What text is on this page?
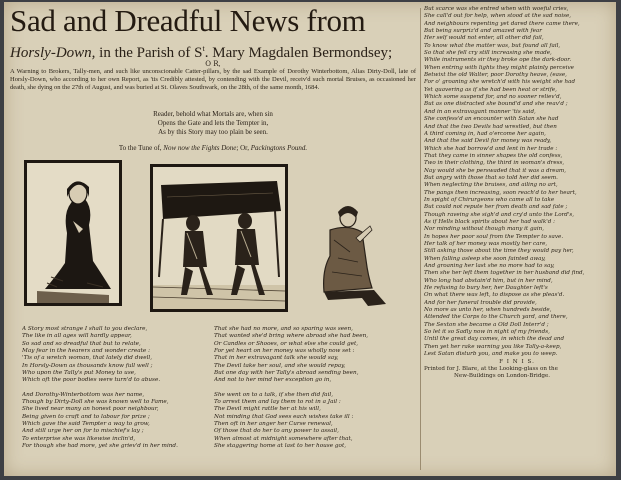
Sad and Dreadful News from
Horsly-Down, in the Parish of $S^t$. Mary Magdalen Bermondsey;
O R,
A Warning to Brokers, Tally-men, and such like unconscionable Catter-pillars, by the sad Example of Dorothy Winterbottom, Alias Dirty-Doll, late of Horsly-Down, who according to her own Report, as 'tis Credibly attested, by contending with the Devil, receiv'd such mortal Bruises, as occasioned her death, she dying on the 27th of August, and was buried at St. Olaves Southwark, on the 28th, of the same month, 1684.
Reader, behold what Mortals are, when sin
Opens the Gate and lets the Tempter in,
As by this Story may too plain be seen.
To the Tune of, Now now the Fights Done; Or, Packingtons Pound.
A Story most strange I shall to you declare,
The like in all ages will hardly appear,
So sad and so dreadful that but to relate,
May fear in the hearers and wonder create :
'Tis of a wretch woman, that lately did dwell,
In Horsly-Down as thousands know full well ;
Who upon the Tally's put Money to use,
Which oft the poor bodies were turn'd to abuse.
And Dorothy-Winterbottom was her name,
Though by Dirty-Doll she was known well to Fame,
She lived near many an honest poor neighbour,
Being given to craft and to labour for prize ;
Which gave the said Tempter a way to grow,
And still urge her on for to mischief's lay ;
To enterprise she was likewise inclin'd,
For though she had more, yet she griev'd in her mind.
That she had no more, and so sparing was seen,
That wanted she'd bring where abroad she had been,
Or Candles or Shooes, or what else she could get,
For yet heart on her money was wholly now set :
That in her extravagant talk she would say,
The Devil take her soul, and she would repay,
But one day with her Tally's abroad sending been,
And not to her mind her exception go in,
She went on to a talk, if she then did fail,
To arrest them and lay them to rot in a Jail :
The Devil might rattle her at his will,
Not minding that God sees each wishes take ill :
Then oft in her anger her Curse renewal,
Of those that do her to any power to assail,
When almost at midnight somewhere after that,
She staggering home at last to her house got,
But scarce was she entred when with woeful cries,
She call'd out for help, when stood at the sad noise,
And neighbours repenting yet dared there came there,
But being surpriz'd and amazed with fear
Her self would not enter, all other did fail,
To know what the matter was, but found all fail,
So that she fell cry still increasing she made,
While instruments sir they broke ope the dark-door.
When entring with lights they might plainly perceive
Betwixt the old Walter, poor Dorothy heave, (ease,
For o' groaning she wretch'd with his weight she had
Yet quavering as if she had been heat or strife,
Which some suspend for, and no sooner reliev'd,
But as one distracted she bound'd and she reav'd ;
And in an extravagant manner 'tis said,
She confess'd an encounter with Satan she had
And that the two Devils had wrestled, but then
A third coming in, had o'ercome her again,
And that the said Devil for money was ready,
Which she had borrow'd and lent in her trade :
That they came in sinner shapes the old confess,
Two in their clothing, the third in woman's dress,
Nay would she be perswaded that it was a dream,
But angry with those that so told her did seem.
When neglecting the bruises, and ailing no art,
The pangs then increasing, soon reach'd to her heart,
In spight of Chirurgeons who came all to take
But could not repute her from death and sad fate ;
Though raveing she sigh'd and cry'd unto the Lord's,
As if Hells black spirits about her had walk'd :
Nor minding without though many it gain,
In hopes her poor soul from the Tempter to save.
Her talk of her money was mostly her care,
Still asking those about the time they would pay her,
When falling asleep she soon fainted away,
And groaning her last she no more had to say,
Then she her left them together in her husband did find,
Who long had abstain'd him, but in her mind,
He refusing to bury her, her Daughter left's
On what there was left, to dispose as she pleas'd.
And for her funeral trouble did provide,
No more as unto her, when hundreds beside,
Attended the Corps to the Church yard, and there,
The Sexton she became a Old Doll Interr'd ;
So let it so Sadly now in night of my friends,
Until the great day comes, in which the dead and
Then yet her rake warning you like Tally-a-keep,
Lest Satan disturb you, and make you to weep.
F I N I S.
Printed for J. Blare, at the Looking-glass on the
New-Buildings on London-Bridge.
